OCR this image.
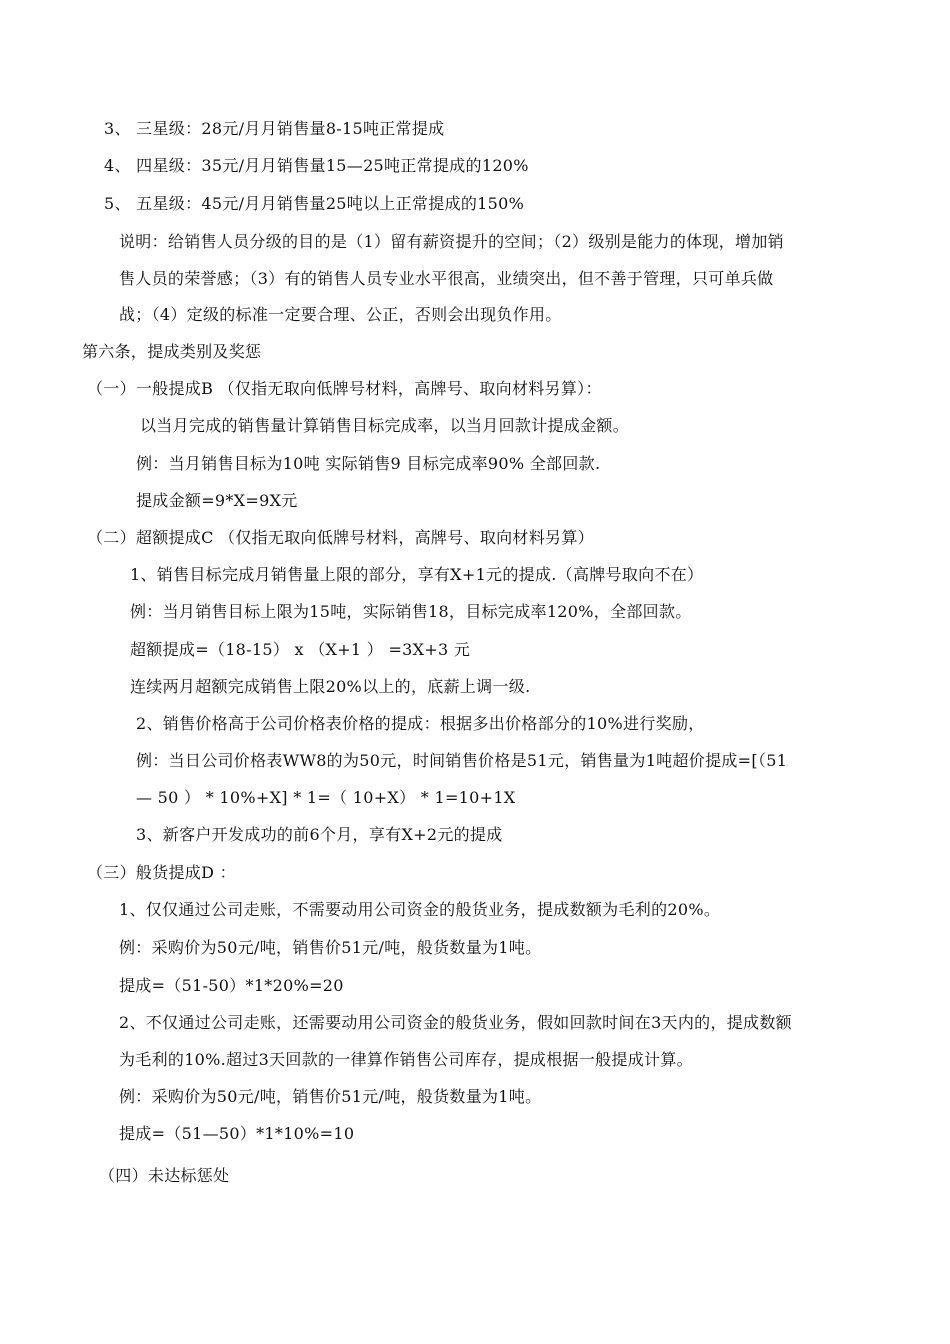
3、 三星级：28元/月月销售量8-15吨正常提成
4、 四星级：35元/月月销售量15—25吨正常提成的120%
5、 五星级：45元/月月销售量25吨以上正常提成的150%
说明：给销售人员分级的目的是（1）留有薪资提升的空间；（2）级别是能力的体现，增加销
售人员的荣誉感；（3）有的销售人员专业水平很高，业绩突出，但不善于管理，只可单兵做
战；（4）定级的标准一定要合理、公正，否则会出现负作用。
第六条，提成类别及奖惩
（一）一般提成B （仅指无取向低牌号材料，高牌号、取向材料另算）：
以当月完成的销售量计算销售目标完成率，以当月回款计提成金额。
例：当月销售目标为10吨 实际销售9 目标完成率90% 全部回款.
提成金额=9*X=9X元
（二）超额提成C （仅指无取向低牌号材料，高牌号、取向材料另算）
1、销售目标完成月销售量上限的部分，享有X+1元的提成.（高牌号取向不在）
例：当月销售目标上限为15吨，实际销售18，目标完成率120%，全部回款。
超额提成=（18-15） x （X+1 ） =3X+3 元
连续两月超额完成销售上限20%以上的，底薪上调一级.
2、销售价格高于公司价格表价格的提成：根据多出价格部分的10%进行奖励，
例：当日公司价格表WW8的为50元，时间销售价格是51元，销售量为1吨超价提成=[（51
— 50 ） * 10%+X] * 1=（ 10+X） * 1=10+1X
3、新客户开发成功的前6个月，享有X+2元的提成
（三）般货提成D ：
1、仅仅通过公司走账，不需要动用公司资金的般货业务，提成数额为毛利的20%。
例：采购价为50元/吨，销售价51元/吨，般货数量为1吨。
提成=（51-50）*1*20%=20
2、不仅通过公司走账，还需要动用公司资金的般货业务，假如回款时间在3天内的，提成数额
为毛利的10%.超过3天回款的一律算作销售公司库存，提成根据一般提成计算。
例：采购价为50元/吨，销售价51元/吨，般货数量为1吨。
提成=（51—50）*1*10%=10
（四）未达标惩处
